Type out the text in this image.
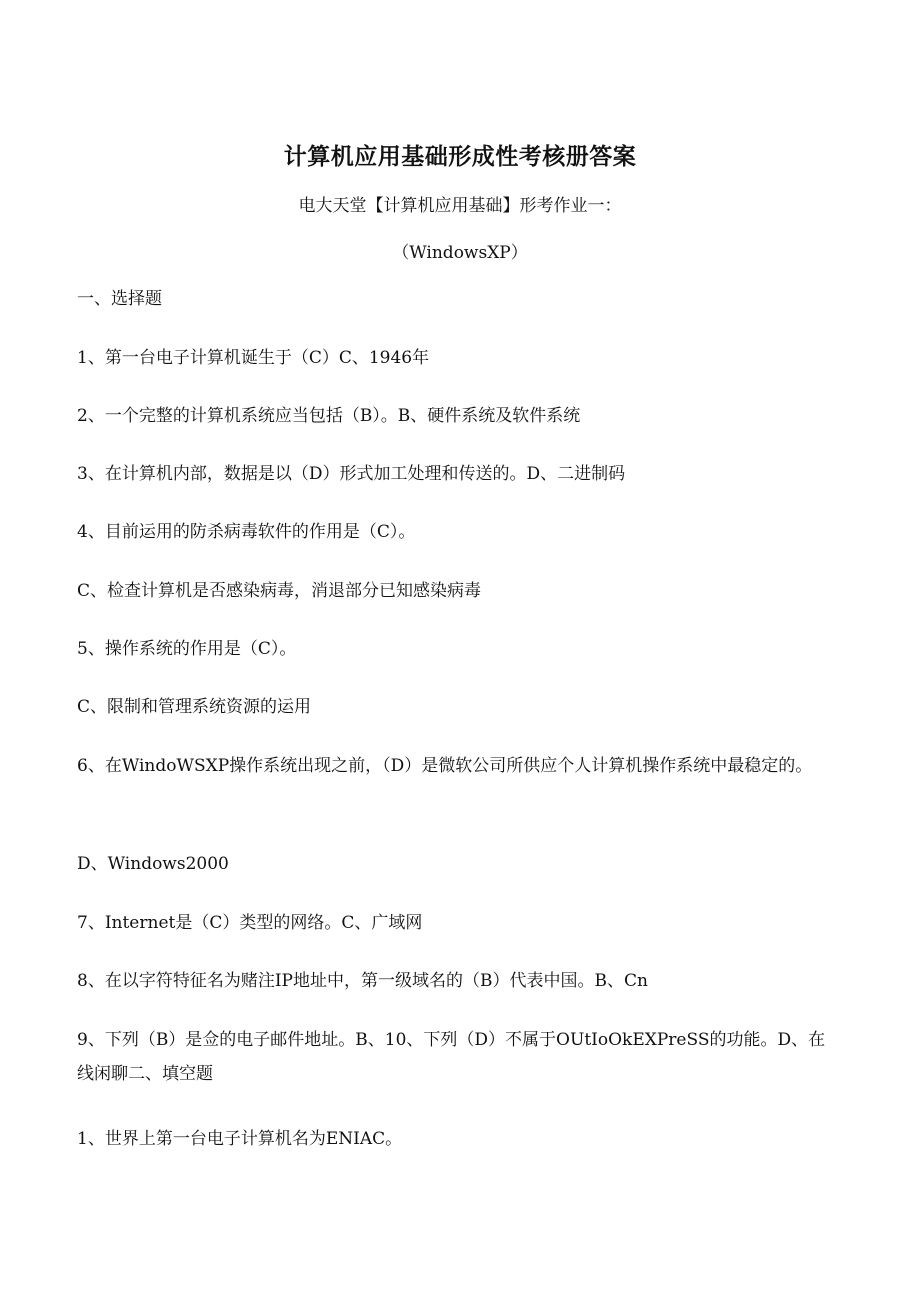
计算机应用基础形成性考核册答案
电大天堂【计算机应用基础】形考作业一：
（WindowsXP）
一、选择题
1、第一台电子计算机诞生于（C）C、1946年
2、一个完整的计算机系统应当包括（B）。B、硬件系统及软件系统
3、在计算机内部，数据是以（D）形式加工处理和传送的。D、二进制码
4、目前运用的防杀病毒软件的作用是（C）。
C、检查计算机是否感染病毒，消退部分已知感染病毒
5、操作系统的作用是（C）。
C、限制和管理系统资源的运用
6、在WindoWSXP操作系统出现之前，（D）是微软公司所供应个人计算机操作系统中最稳定的。
D、Windows2000
7、Internet是（C）类型的网络。C、广域网
8、在以字符特征名为赌注IP地址中，第一级域名的（B）代表中国。B、Cn
9、下列（B）是佥的电子邮件地址。B、10、下列（D）不属于OUtIoOkEXPreSS的功能。D、在线闲聊二、填空题
1、世界上第一台电子计算机名为ENIAC。
